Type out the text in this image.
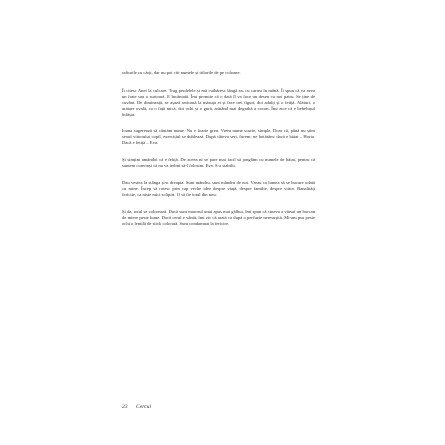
rafturile cu cărți, dar nu pot citi numele și titlurile de pe coloane.

Îi citesc Anei la culcare. Trag perdelele și mă cuibăresc lângă ea, cu cartea în mână. Îi spun că va avea un frate sau o surioară. E încântată. Îmi promite că o dată îl va face un desen cu noi patru. Se ține de cuvânt. De dimineață, se așază serioasă la măsuța ei și face trei figuri, doi adulți și o fetiță. Alături, o arătare ovală, ca o față mică, doi ochi și o gură, arătând mai degrabă a cocon. Îmi zice că e bebelușul înfășat.

Ioana sugerează să căutăm nume. Nu e foarte greu. Vrem nume scurte, simple. Doar că, până nu știm sexul viitorului copil, exercițiul se dublează. După câteva seri, facem: ne hotărâm: dacă e băiat – Horia. Dacă e fetiță – Eva.

Și simțim amândoi că e fetiță. De aceea ni se pare mai facil să jonglăm cu numele de băiat, pentru că suntem convinși că nu va trebui să-l folosim. Eva. S-a stabilit.

Dau vestea la stânga și-n dreapta. Sunt mândru, sunt mândru de noi. Vreau ca lumea să se bucure odată cu mine. Încep să rotesc prin cap veche idee despre viață, despre familie, despre viitor. Banalități fericite, ca niște mici sclipiri. O să fie totul din nou.

Și da, totul se colorează. Dacă sunt marorul unui apus mai gălbui, îmi spun că cineva a vărsat un borcan de miere peste lume. Dacă cerul e vânăt, îmi zic că arată ca după o perfuzie neresușită. Mi-am pus peste ochi o lentilă de stick colorată. Sunt condamnat la fericire.

23 Cercul
